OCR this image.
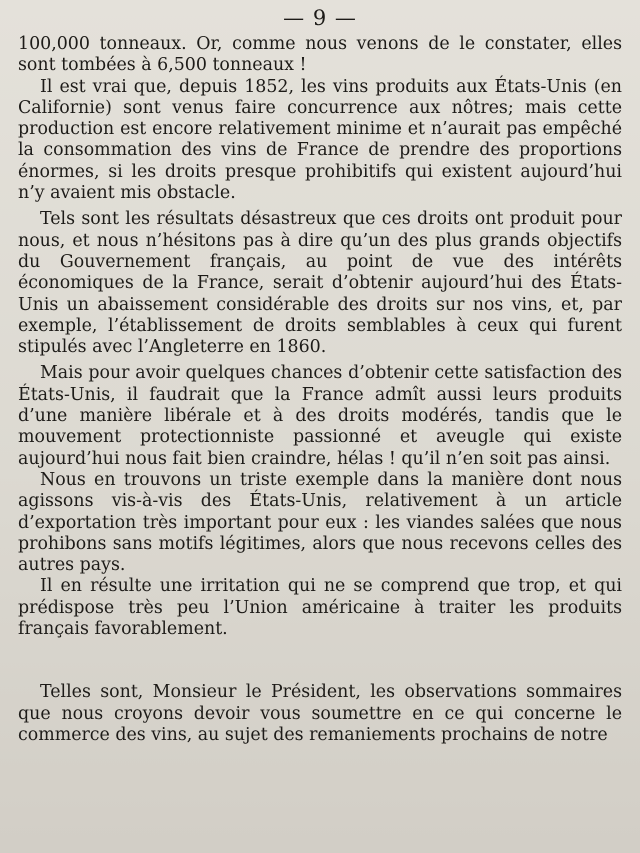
— 9 —

100,000 tonneaux. Or, comme nous venons de le constater, elles sont tombées à 6,500 tonneaux !

Il est vrai que, depuis 1852, les vins produits aux États-Unis (en Californie) sont venus faire concurrence aux nôtres; mais cette production est encore relativement minime et n’aurait pas empêché la consommation des vins de France de prendre des proportions énormes, si les droits presque prohibitifs qui existent aujourd’hui n’y avaient mis obstacle.

Tels sont les résultats désastreux que ces droits ont produit pour nous, et nous n’hésitons pas à dire qu’un des plus grands objectifs du Gouvernement français, au point de vue des intérêts économiques de la France, serait d’obtenir aujourd’hui des États-Unis un abaissement considérable des droits sur nos vins, et, par exemple, l’établissement de droits semblables à ceux qui furent stipulés avec l’Angleterre en 1860.

Mais pour avoir quelques chances d’obtenir cette satisfaction des États-Unis, il faudrait que la France admît aussi leurs produits d’une manière libérale et à des droits modérés, tandis que le mouvement protectionniste passionné et aveugle qui existe aujourd’hui nous fait bien craindre, hélas ! qu’il n’en soit pas ainsi.

Nous en trouvons un triste exemple dans la manière dont nous agissons vis-à-vis des États-Unis, relativement à un article d’exportation très important pour eux : les viandes salées que nous prohibons sans motifs légitimes, alors que nous recevons celles des autres pays.

Il en résulte une irritation qui ne se comprend que trop, et qui prédispose très peu l’Union américaine à traiter les produits français favorablement.

Telles sont, Monsieur le Président, les observations sommaires que nous croyons devoir vous soumettre en ce qui concerne le commerce des vins, au sujet des remaniements prochains de notre
